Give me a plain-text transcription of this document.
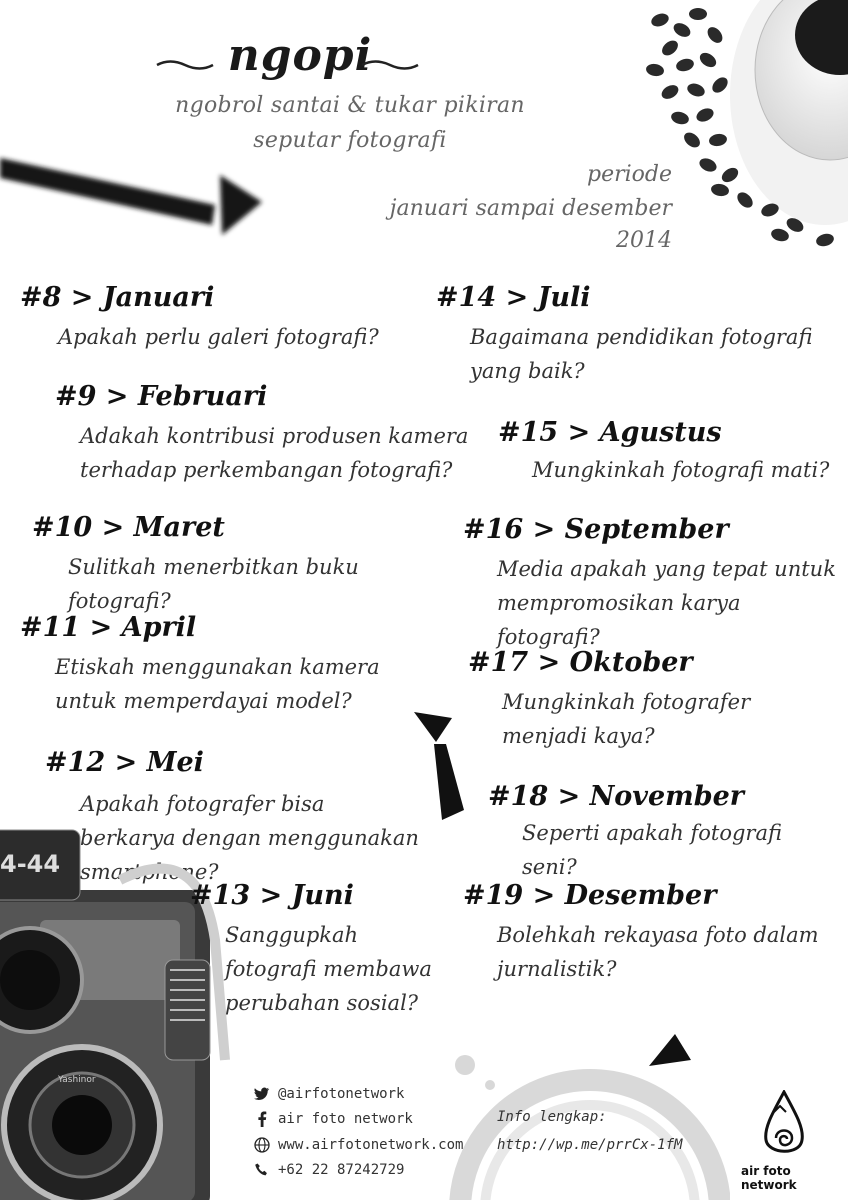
ngopi
ngobrol santai & tukar pikiran
seputar fotografi
periode
januari sampai desember
2014
#8 > Januari
Apakah perlu galeri fotografi?
#9 > Februari
Adakah kontribusi produsen kamera terhadap perkembangan fotografi?
#10 > Maret
Sulitkah menerbitkan buku fotografi?
#11 > April
Etiskah menggunakan kamera untuk memperdayai model?
#12 > Mei
Apakah fotografer bisa berkarya dengan menggunakan smartphone?
4-44
Yashinor
#13 > Juni
Sanggupkah fotografi membawa perubahan sosial?
#14 > Juli
Bagaimana pendidikan fotografi yang baik?
#15 > Agustus
Mungkinkah fotografi mati?
#16 > September
Media apakah yang tepat untuk mempromosikan karya fotografi?
#17 > Oktober
Mungkinkah fotografer menjadi kaya?
#18 > November
Seperti apakah fotografi seni?
#19 > Desember
Bolehkah rekayasa foto dalam jurnalistik?
@airfotonetwork
air foto network
www.airfotonetwork.com
+62 22 87242729
Info lengkap:
http://wp.me/prrCx-1fM
air foto network
